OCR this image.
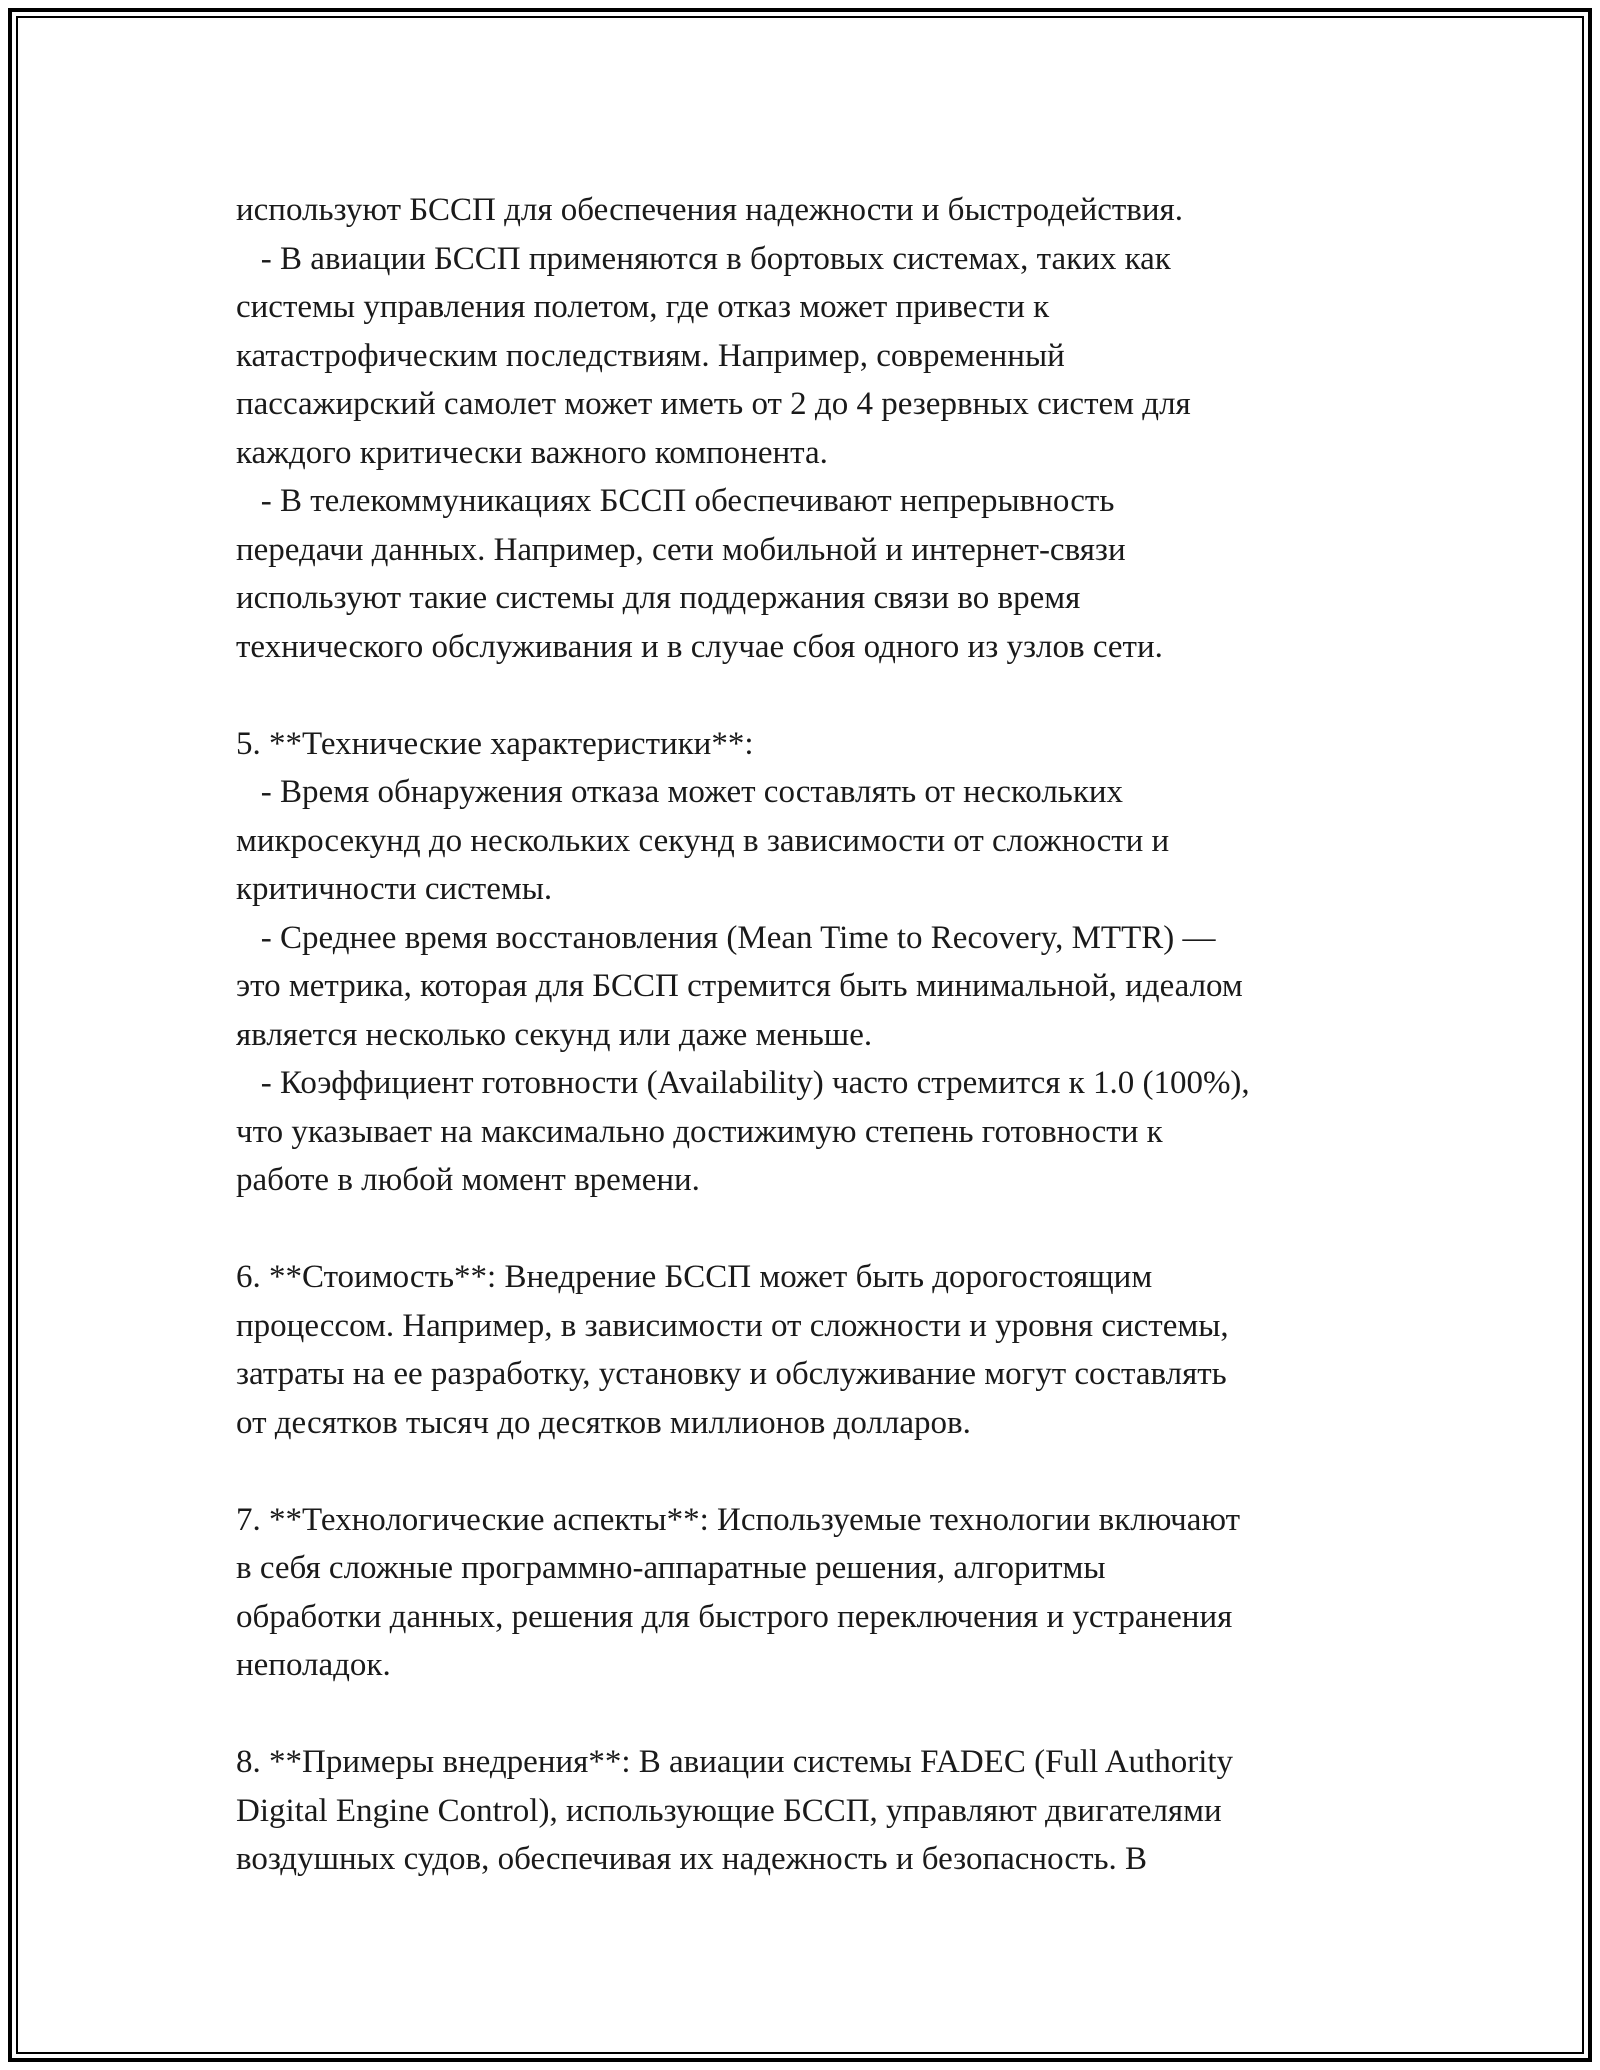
используют БССП для обеспечения надежности и быстродействия.
- В авиации БССП применяются в бортовых системах, таких как
системы управления полетом, где отказ может привести к
катастрофическим последствиям. Например, современный
пассажирский самолет может иметь от 2 до 4 резервных систем для
каждого критически важного компонента.
- В телекоммуникациях БССП обеспечивают непрерывность
передачи данных. Например, сети мобильной и интернет-связи
используют такие системы для поддержания связи во время
технического обслуживания и в случае сбоя одного из узлов сети.
5. **Технические характеристики**:
- Время обнаружения отказа может составлять от нескольких
микросекунд до нескольких секунд в зависимости от сложности и
критичности системы.
- Среднее время восстановления (Mean Time to Recovery, MTTR) —
это метрика, которая для БССП стремится быть минимальной, идеалом
является несколько секунд или даже меньше.
- Коэффициент готовности (Availability) часто стремится к 1.0 (100%),
что указывает на максимально достижимую степень готовности к
работе в любой момент времени.
6. **Стоимость**: Внедрение БССП может быть дорогостоящим
процессом. Например, в зависимости от сложности и уровня системы,
затраты на ее разработку, установку и обслуживание могут составлять
от десятков тысяч до десятков миллионов долларов.
7. **Технологические аспекты**: Используемые технологии включают
в себя сложные программно-аппаратные решения, алгоритмы
обработки данных, решения для быстрого переключения и устранения
неполадок.
8. **Примеры внедрения**: В авиации системы FADEC (Full Authority
Digital Engine Control), использующие БССП, управляют двигателями
воздушных судов, обеспечивая их надежность и безопасность. В
